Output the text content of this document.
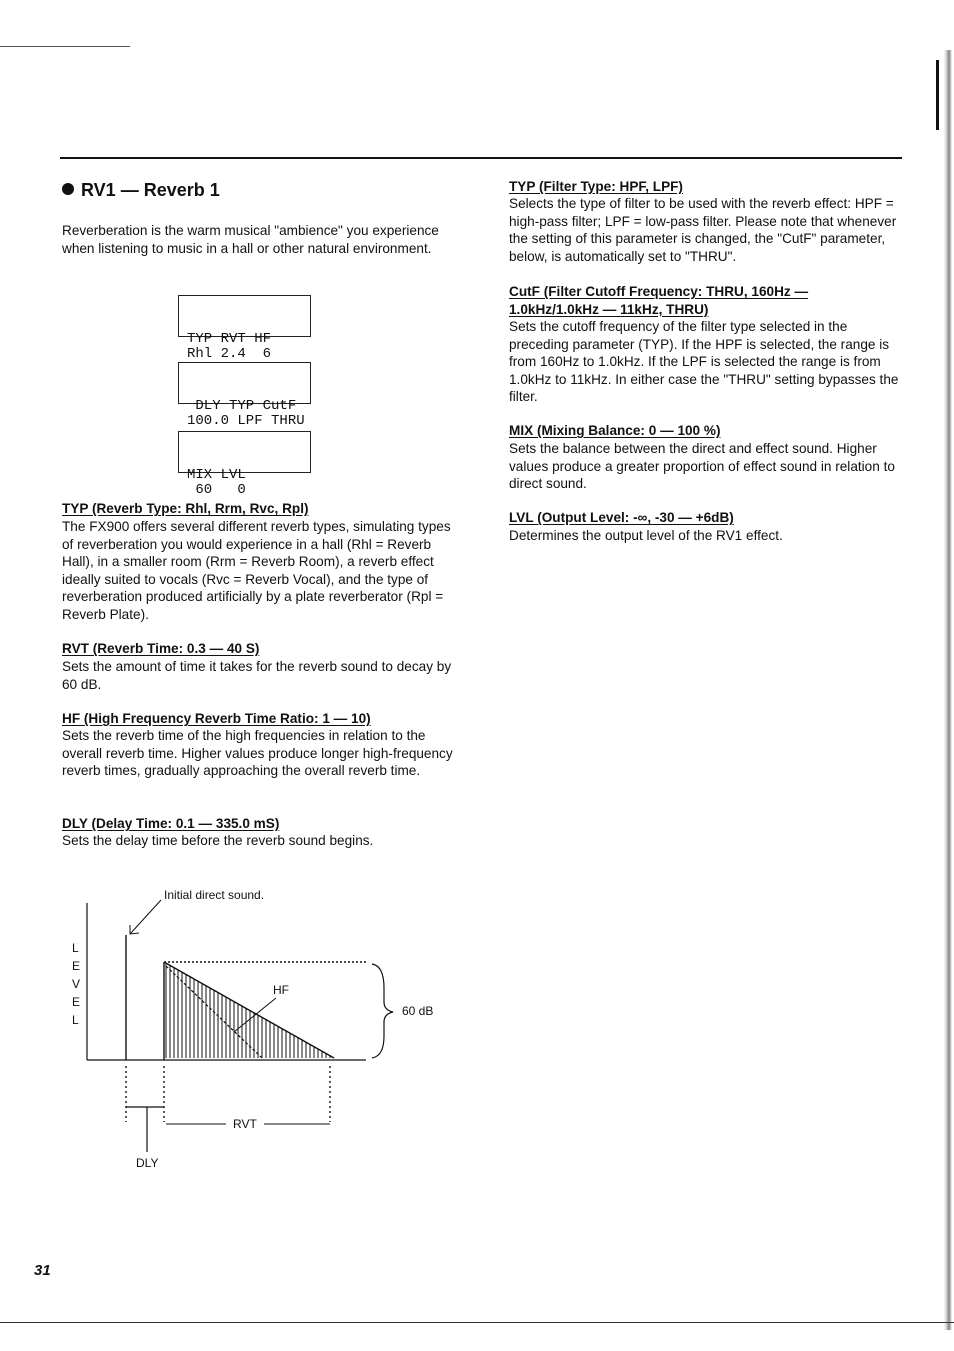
RV1 — Reverb 1

Reverberation is the warm musical "ambience" you experience when listening to music in a hall or other natural environment.

TYP RVT HF
Rhl 2.4  6

DLY TYP CutF
100.0 LPF THRU

MIX LVL
60   0

TYP (Reverb Type: Rhl, Rrm, Rvc, Rpl)

The FX900 offers several different reverb types, simulating types of reverberation you would experience in a hall (Rhl = Reverb Hall), in a smaller room (Rrm = Reverb Room), a reverb effect ideally suited to vocals (Rvc = Reverb Vocal), and the type of reverberation produced artificially by a plate reverberator (Rpl = Reverb Plate).

RVT (Reverb Time: 0.3 — 40 S)

Sets the amount of time it takes for the reverb sound to decay by 60 dB.

HF (High Frequency Reverb Time Ratio: 1 — 10)

Sets the reverb time of the high frequencies in relation to the overall reverb time. Higher values produce longer high-frequency reverb times, gradually approaching the overall reverb time.

DLY (Delay Time: 0.1 — 335.0 mS)

Sets the delay time before the reverb sound begins.

TYP (Filter Type: HPF, LPF)

Selects the type of filter to be used with the reverb effect: HPF = high-pass filter; LPF = low-pass filter. Please note that whenever the setting of this parameter is changed, the "CutF" parameter, below, is automatically set to "THRU".

CutF (Filter Cutoff Frequency: THRU, 160Hz — 1.0kHz/1.0kHz — 11kHz, THRU)

Sets the cutoff frequency of the filter type selected in the preceding parameter (TYP). If the HPF is selected, the range is from 160Hz to 1.0kHz. If the LPF is selected the range is from 1.0kHz to 11kHz. In either case the "THRU" setting bypasses the filter.

MIX (Mixing Balance: 0 — 100 %)

Sets the balance between the direct and effect sound. Higher values produce a greater proportion of effect sound in relation to direct sound.

LVL (Output Level: -∞, -30 — +6dB)

Determines the output level of the RV1 effect.

Initial direct sound.
L
E
V
E
L
HF
60 dB
DLY
RVT
31
